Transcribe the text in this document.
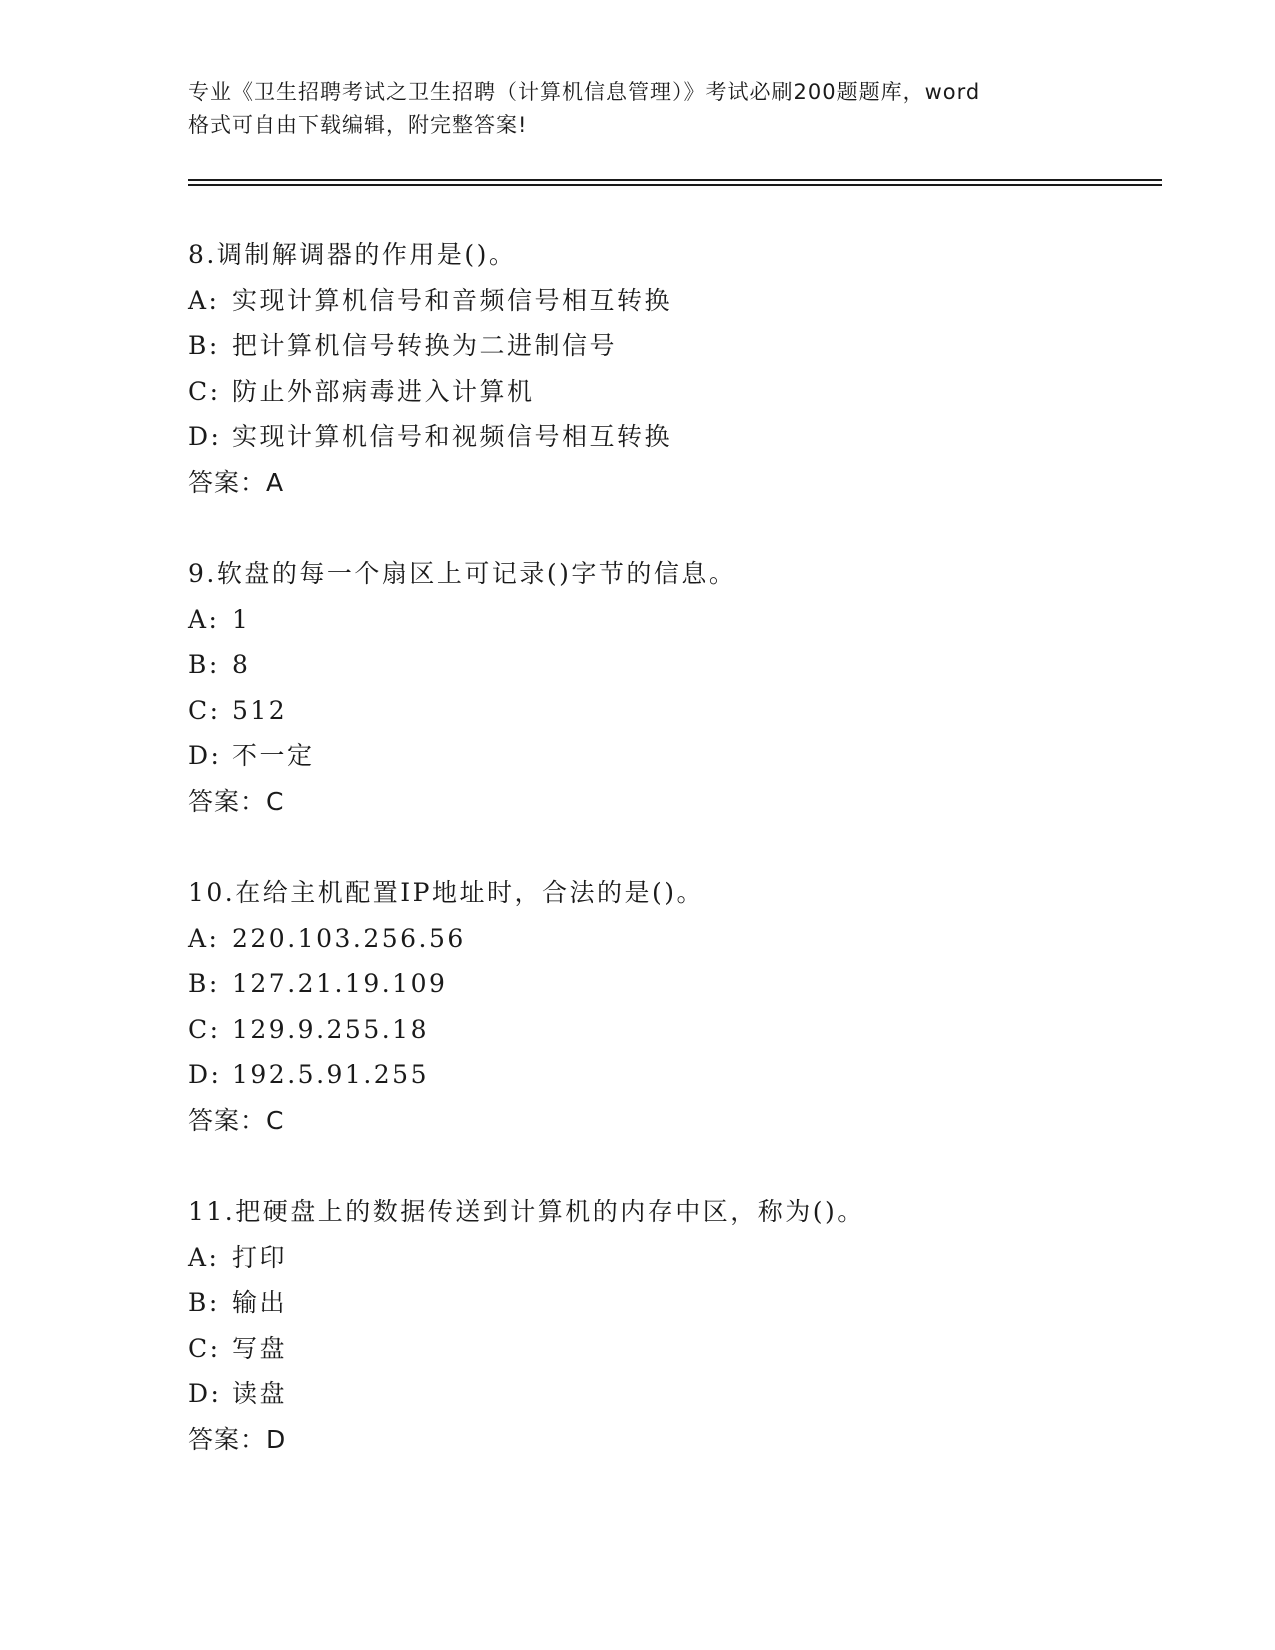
专业《卫生招聘考试之卫生招聘（计算机信息管理）》考试必刷200题题库，word
格式可自由下载编辑，附完整答案!
8.调制解调器的作用是()。
A: 实现计算机信号和音频信号相互转换
B: 把计算机信号转换为二进制信号
C: 防止外部病毒进入计算机
D: 实现计算机信号和视频信号相互转换
答案：A
9.软盘的每一个扇区上可记录()字节的信息。
A: 1
B: 8
C: 512
D: 不一定
答案：C
10.在给主机配置IP地址时，合法的是()。
A: 220.103.256.56
B: 127.21.19.109
C: 129.9.255.18
D: 192.5.91.255
答案：C
11.把硬盘上的数据传送到计算机的内存中区，称为()。
A: 打印
B: 输出
C: 写盘
D: 读盘
答案：D
